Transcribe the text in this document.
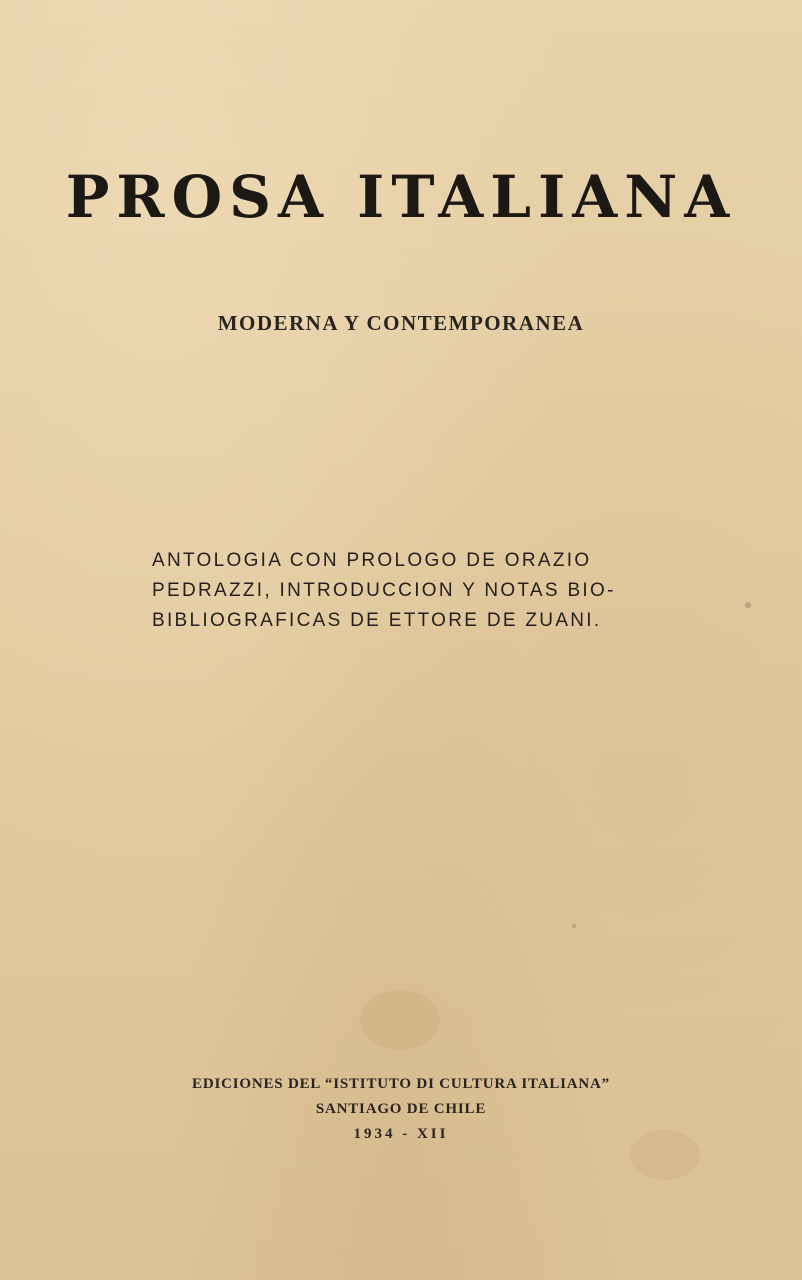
PROSA ITALIANA
MODERNA Y CONTEMPORANEA

ANTOLOGIA CON PROLOGO DE ORAZIO
PEDRAZZI, INTRODUCCION Y NOTAS BIO-
BIBLIOGRAFICAS DE ETTORE DE ZUANI.

EDICIONES DEL “ISTITUTO DI CULTURA ITALIANA”
SANTIAGO DE CHILE
1934 - XII
